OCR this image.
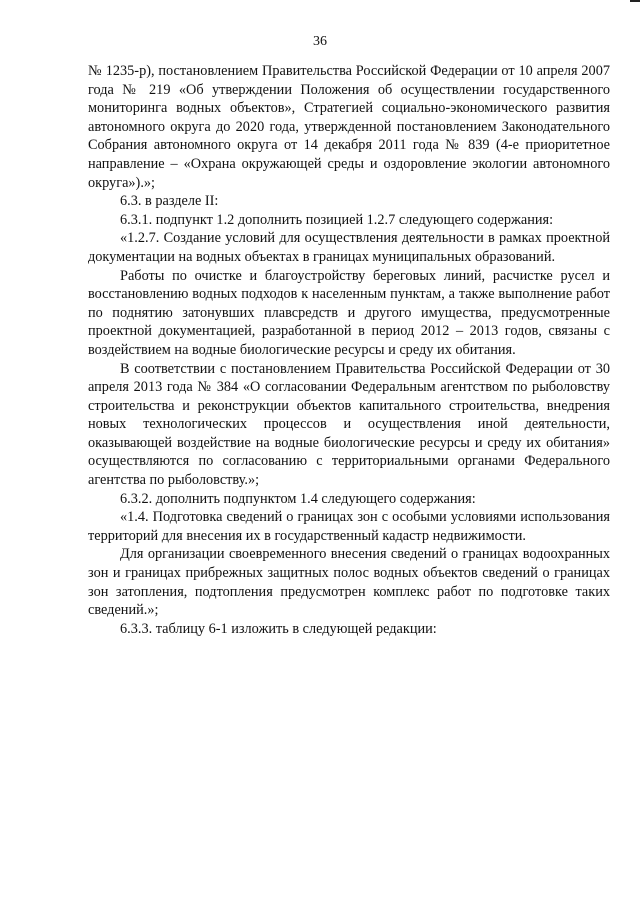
36

№ 1235-р), постановлением Правительства Российской Федерации от 10 апреля 2007 года № 219 «Об утверждении Положения об осуществлении государственного мониторинга водных объектов», Стратегией социально-экономического развития автономного округа до 2020 года, утвержденной постановлением Законодательного Собрания автономного округа от 14 декабря 2011 года № 839 (4-е приоритетное направление – «Охрана окружающей среды и оздоровление экологии автономного округа»).»;

6.3. в разделе II:

6.3.1. подпункт 1.2 дополнить позицией 1.2.7 следующего содержания:

«1.2.7. Создание условий для осуществления деятельности в рамках проектной документации на водных объектах в границах муниципальных образований.

Работы по очистке и благоустройству береговых линий, расчистке русел и восстановлению водных подходов к населенным пунктам, а также выполнение работ по поднятию затонувших плавсредств и другого имущества, предусмотренные проектной документацией, разработанной в период 2012 – 2013 годов, связаны с воздействием на водные биологические ресурсы и среду их обитания.

В соответствии с постановлением Правительства Российской Федерации от 30 апреля 2013 года № 384 «О согласовании Федеральным агентством по рыболовству строительства и реконструкции объектов капитального строительства, внедрения новых технологических процессов и осуществления иной деятельности, оказывающей воздействие на водные биологические ресурсы и среду их обитания» осуществляются по согласованию с территориальными органами Федерального агентства по рыболовству.»;

6.3.2. дополнить подпунктом 1.4 следующего содержания:

«1.4. Подготовка сведений о границах зон с особыми условиями использования территорий для внесения их в государственный кадастр недвижимости.

Для организации своевременного внесения сведений о границах водоохранных зон и границах прибрежных защитных полос водных объектов сведений о границах зон затопления, подтопления предусмотрен комплекс работ по подготовке таких сведений.»;

6.3.3. таблицу 6-1 изложить в следующей редакции:
